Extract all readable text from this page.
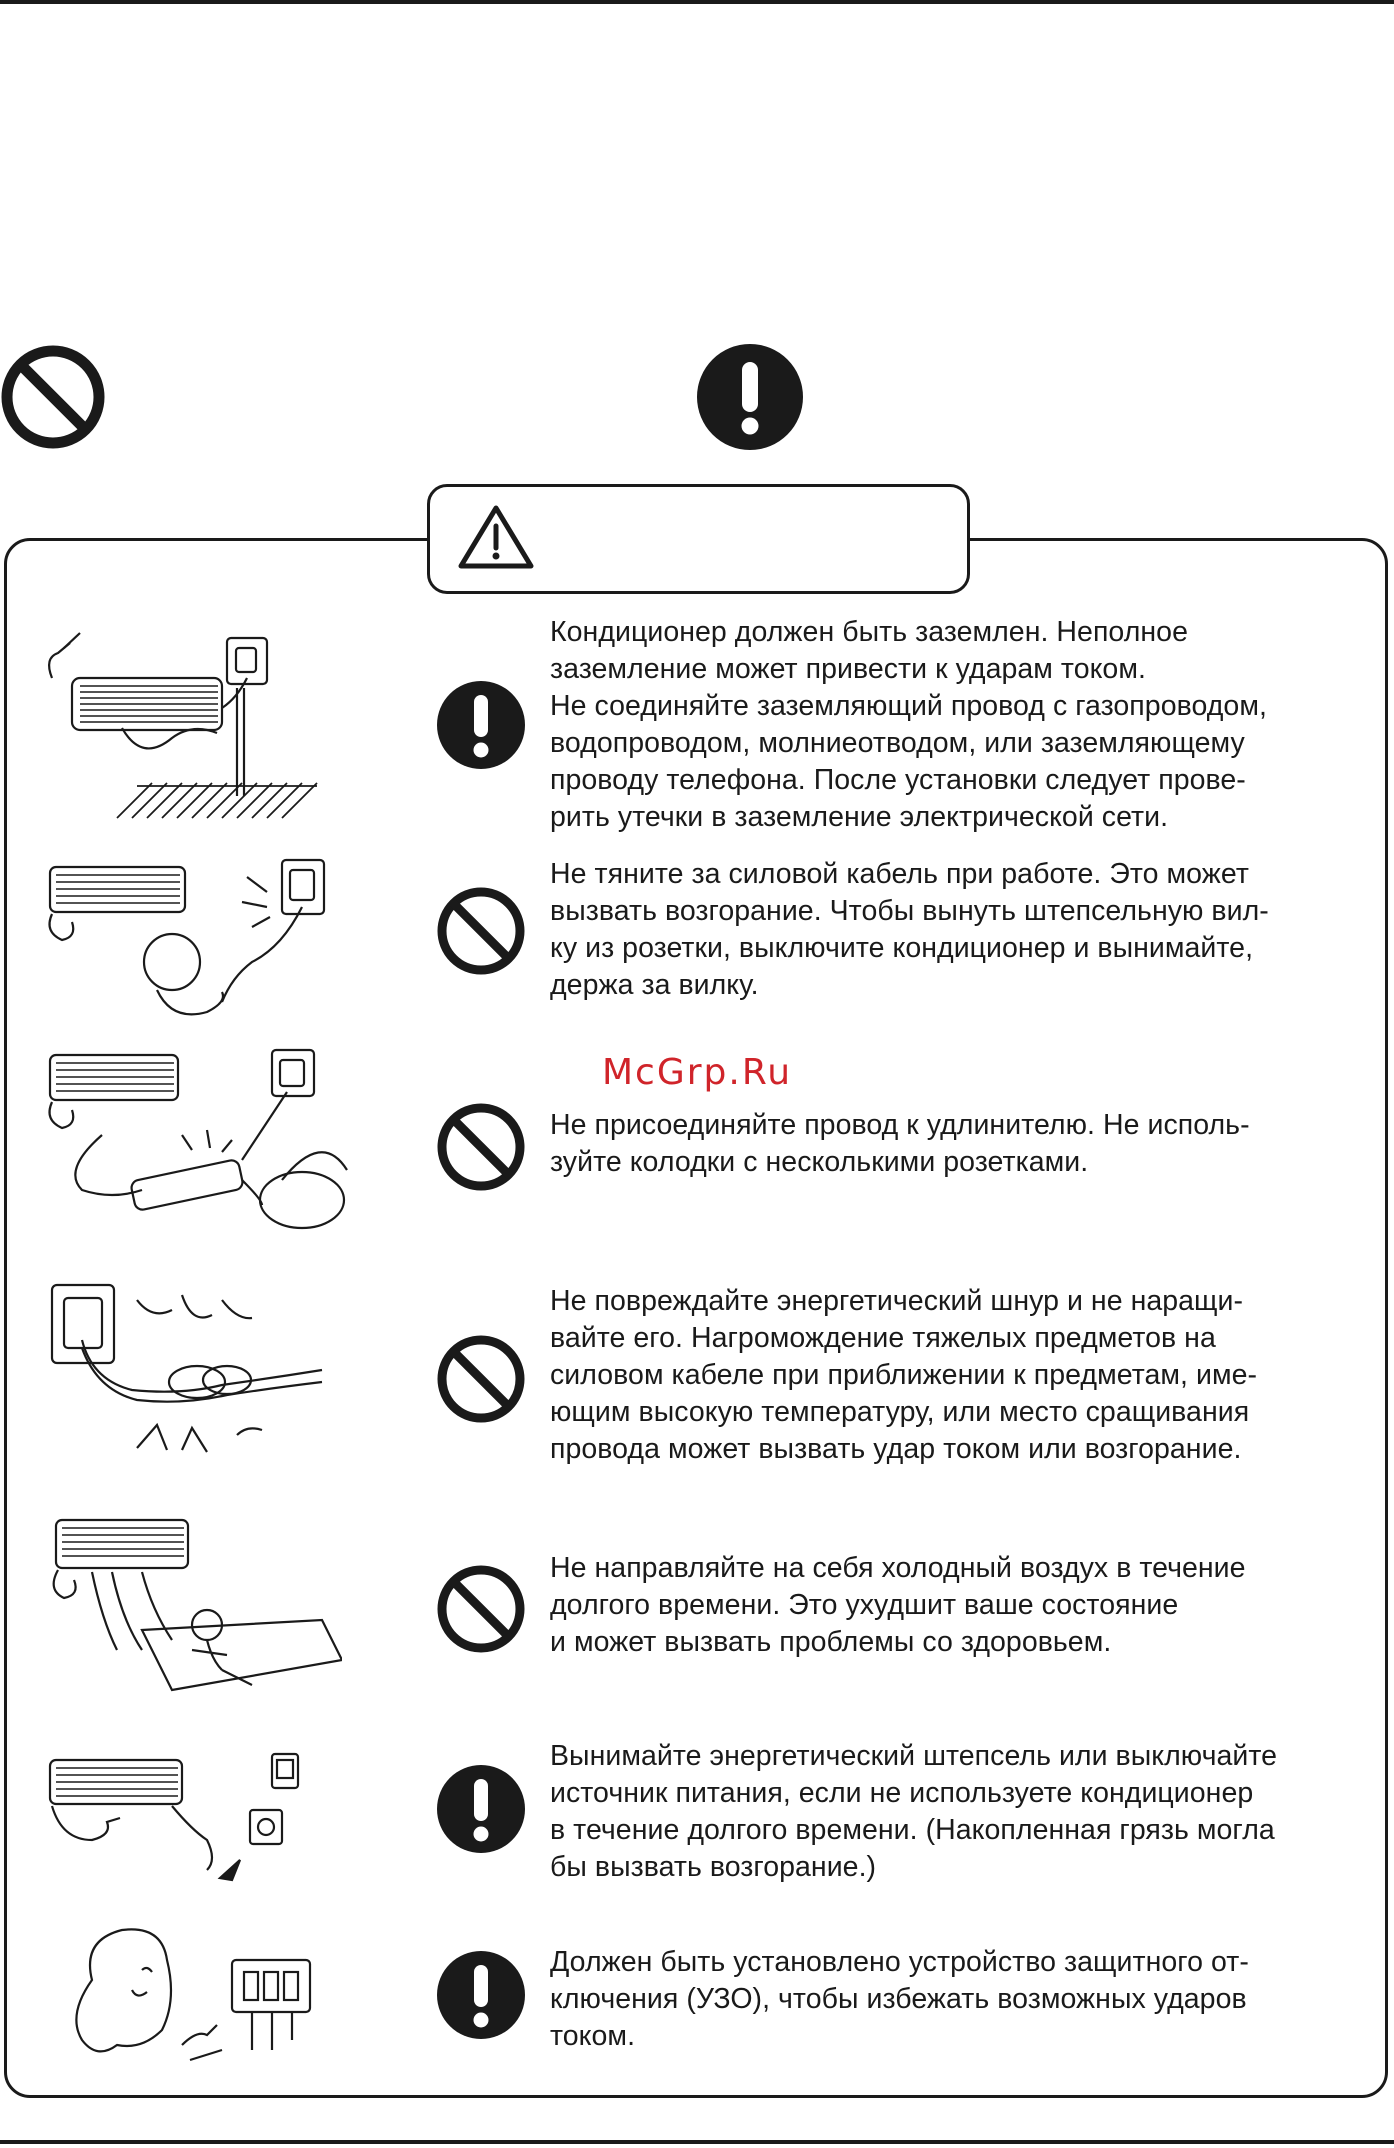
McGrp.Ru
Кондиционер должен быть заземлен. Неполное
заземление может привести к ударам током.
Не соединяйте заземляющий провод с газопроводом,
водопроводом, молниеотводом, или заземляющему
проводу телефона. После установки следует прове-
рить утечки в заземление электрической сети.
Не тяните за силовой кабель при работе. Это может
вызвать возгорание. Чтобы вынуть штепсельную вил-
ку из розетки, выключите кондиционер и вынимайте,
держа за вилку.
Не присоединяйте провод к удлинителю. Не исполь-
зуйте колодки с несколькими розетками.
Не повреждайте энергетический шнур и не наращи-
вайте его. Нагромождение тяжелых предметов на
силовом кабеле при приближении к предметам, име-
ющим высокую температуру, или место сращивания
провода может вызвать удар током или возгорание.
Не направляйте на себя холодный воздух в течение
долгого времени. Это ухудшит ваше состояние
и может вызвать проблемы со здоровьем.
Вынимайте энергетический штепсель или выключайте
источник питания, если не используете кондиционер
в течение долгого времени. (Накопленная грязь могла
бы вызвать возгорание.)
Должен быть установлено устройство защитного от-
ключения (УЗО), чтобы избежать возможных ударов
током.
